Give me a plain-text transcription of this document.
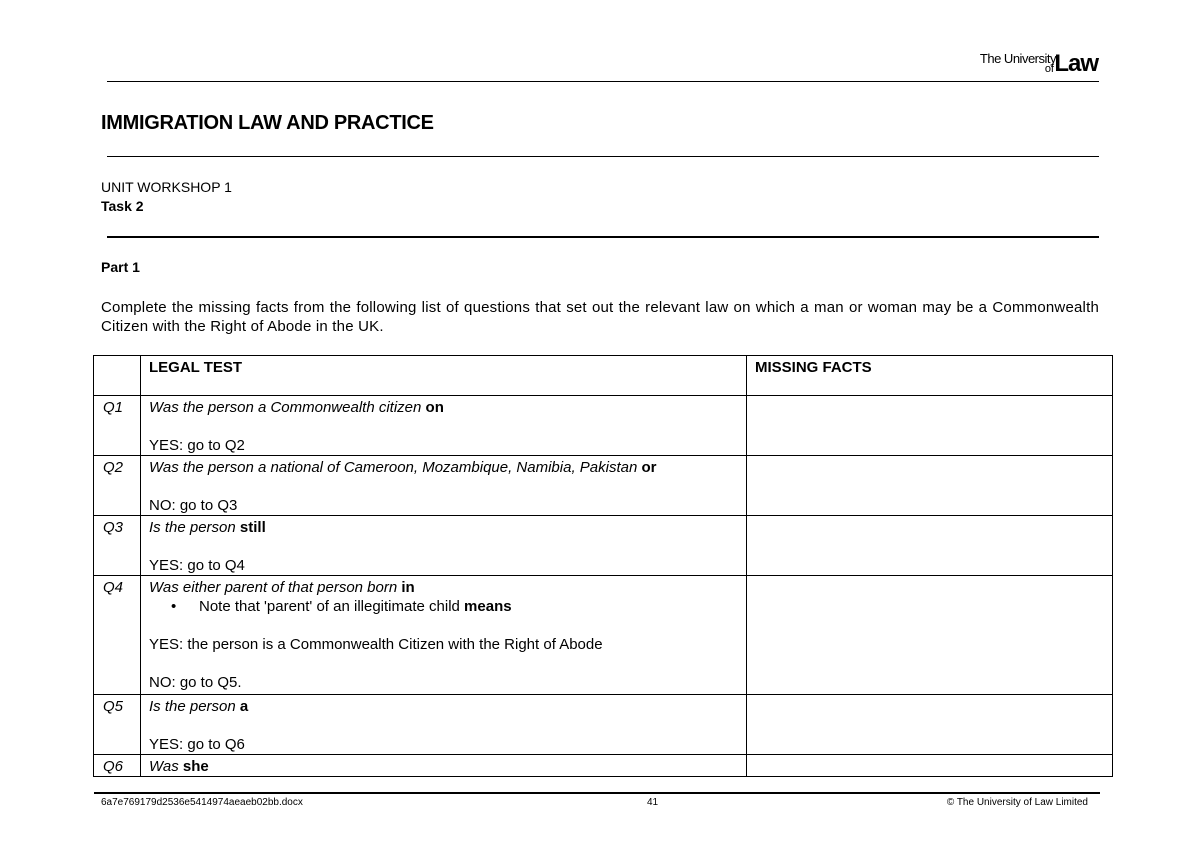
The University
of Law
IMMIGRATION LAW AND PRACTICE
UNIT WORKSHOP 1
Task 2
Part 1
Complete the missing facts from the following list of questions that set out the relevant law on which a man or woman may be a Commonwealth Citizen with the Right of Abode in the UK.
	LEGAL TEST	MISSING FACTS
Q1	Was the person a Commonwealth citizen on
YES: go to Q2	

Q2	Was the person a national of Cameroon, Mozambique, Namibia, Pakistan or
NO: go to Q3	

Q3	Is the person still
YES: go to Q4	

Q4	Was either parent of that person born in
• Note that 'parent' of an illegitimate child means
YES: the person is a Commonwealth Citizen with the Right of Abode
NO: go to Q5.

Q5	Is the person a
YES: go to Q6	

Q6	Was she	

6a7e769179d2536e5414974aeaeb02bb.docx	41	© The University of Law Limited
